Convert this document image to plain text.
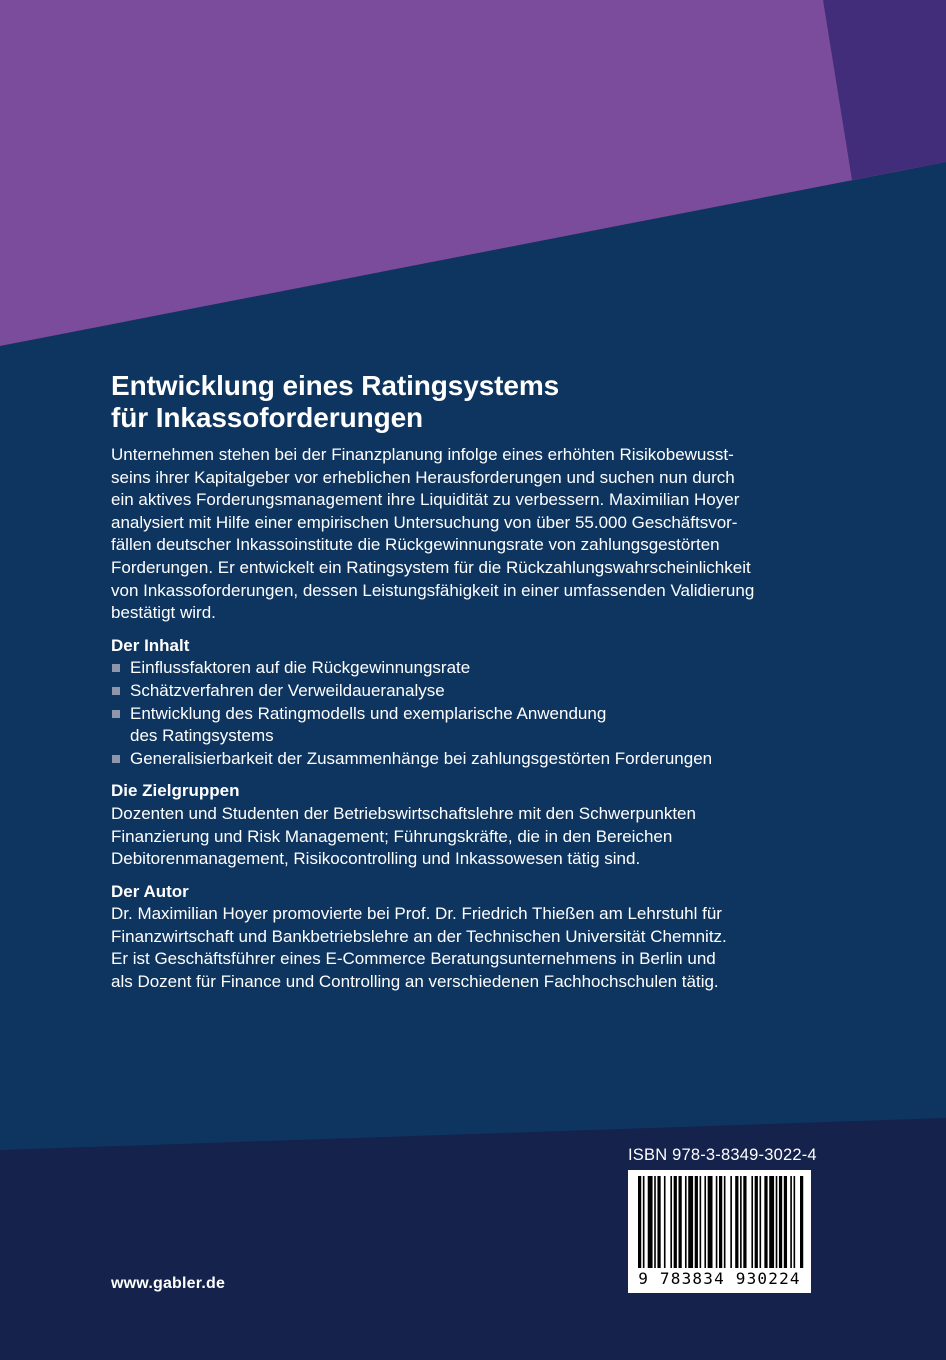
Entwicklung eines Ratingsystems
für Inkassoforderungen

Unternehmen stehen bei der Finanzplanung infolge eines erhöhten Risikobewusst-
seins ihrer Kapitalgeber vor erheblichen Herausforderungen und suchen nun durch
ein aktives Forderungsmanagement ihre Liquidität zu verbessern. Maximilian Hoyer
analysiert mit Hilfe einer empirischen Untersuchung von über 55.000 Geschäftsvor-
fällen deutscher Inkassoinstitute die Rückgewinnungsrate von zahlungsgestörten
Forderungen. Er entwickelt ein Ratingsystem für die Rückzahlungswahrscheinlichkeit
von Inkassoforderungen, dessen Leistungsfähigkeit in einer umfassenden Validierung
bestätigt wird.

Der Inhalt
Einflussfaktoren auf die Rückgewinnungsrate
Schätzverfahren der Verweildaueranalyse
Entwicklung des Ratingmodells und exemplarische Anwendung
des Ratingsystems
Generalisierbarkeit der Zusammenhänge bei zahlungsgestörten Forderungen
Die Zielgruppen

Dozenten und Studenten der Betriebswirtschaftslehre mit den Schwerpunkten
Finanzierung und Risk Management; Führungskräfte, die in den Bereichen
Debitorenmanagement, Risikocontrolling und Inkassowesen tätig sind.

Der Autor

Dr. Maximilian Hoyer promovierte bei Prof. Dr. Friedrich Thießen am Lehrstuhl für
Finanzwirtschaft und Bankbetriebslehre an der Technischen Universität Chemnitz.
Er ist Geschäftsführer eines E-Commerce Beratungsunternehmens in Berlin und
als Dozent für Finance und Controlling an verschiedenen Fachhochschulen tätig.

www.gabler.de
ISBN 978-3-8349-3022-4
9 783834 930224
